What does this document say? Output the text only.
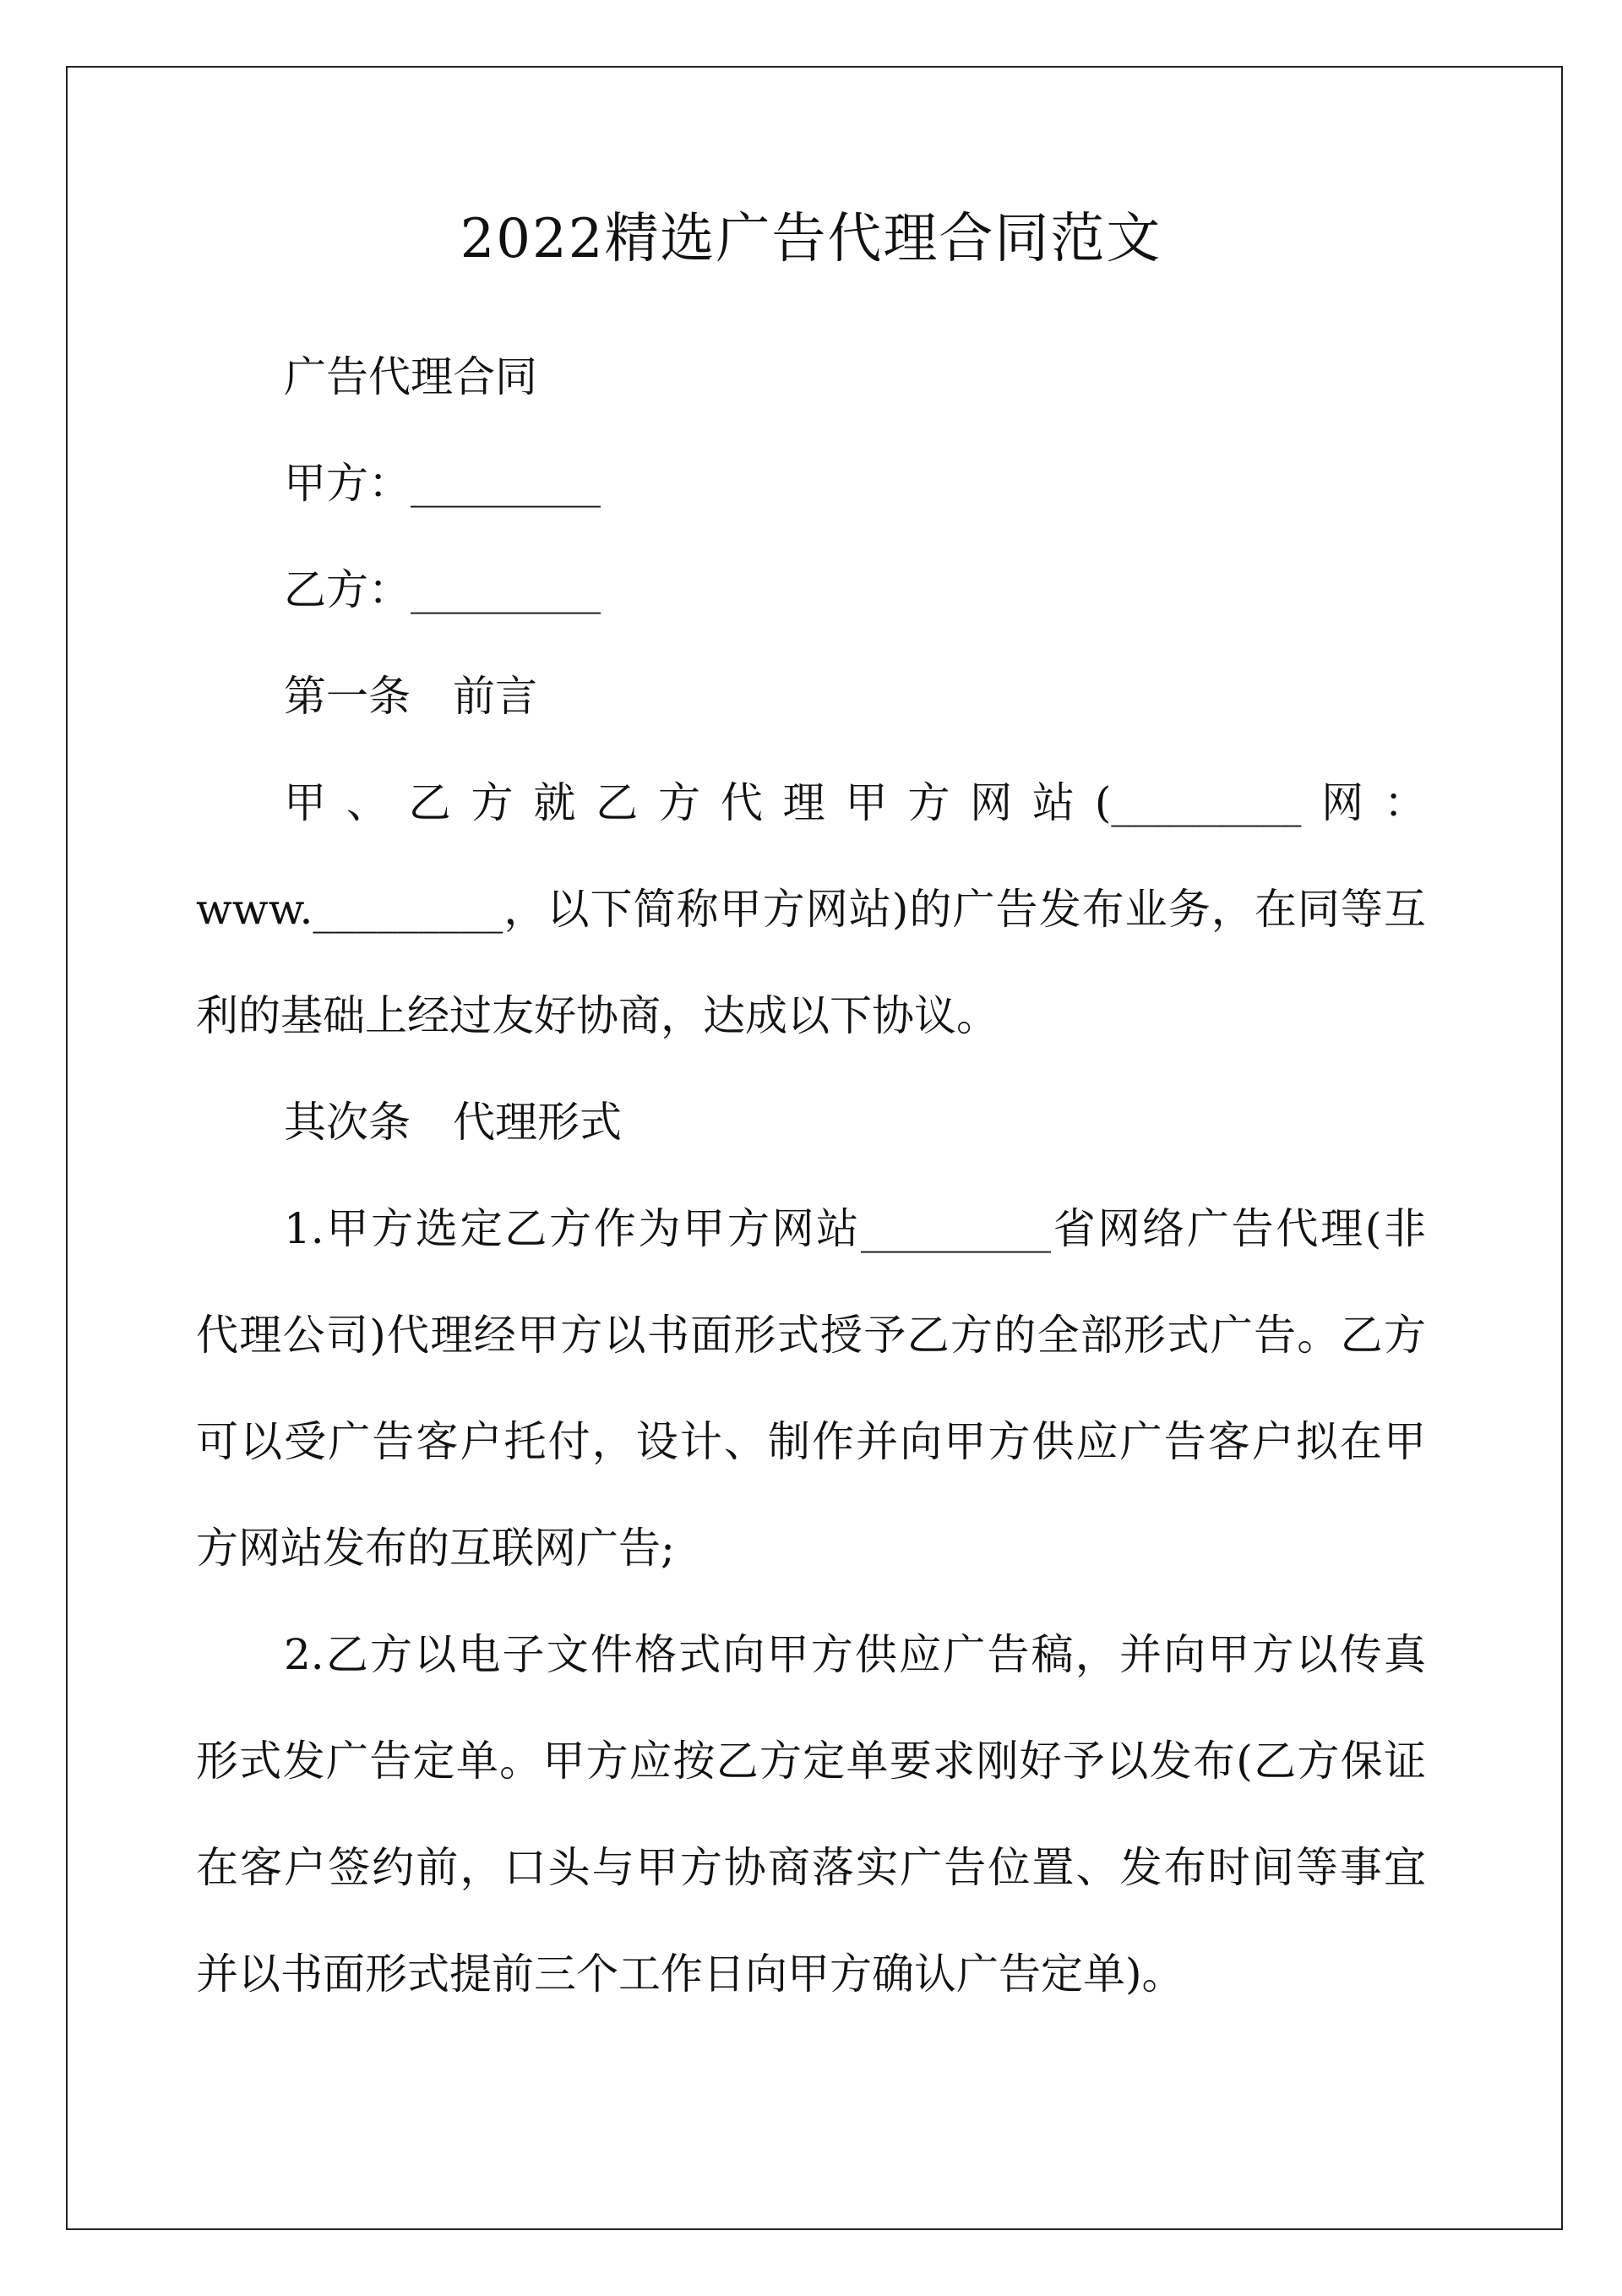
2022精选广告代理合同范文
广告代理合同
甲方：_________
乙方：_________
第一条　前言
甲、乙方就乙方代理甲方网站(_________网：
www._________，以下简称甲方网站)的广告发布业务，在同等互
利的基础上经过友好协商，达成以下协议。
其次条　代理形式
1.甲方选定乙方作为甲方网站_________省网络广告代理(非
代理公司)代理经甲方以书面形式授予乙方的全部形式广告。乙方
可以受广告客户托付，设计、制作并向甲方供应广告客户拟在甲
方网站发布的互联网广告;
2.乙方以电子文件格式向甲方供应广告稿，并向甲方以传真
形式发广告定单。甲方应按乙方定单要求刚好予以发布(乙方保证
在客户签约前，口头与甲方协商落实广告位置、发布时间等事宜
并以书面形式提前三个工作日向甲方确认广告定单)。
